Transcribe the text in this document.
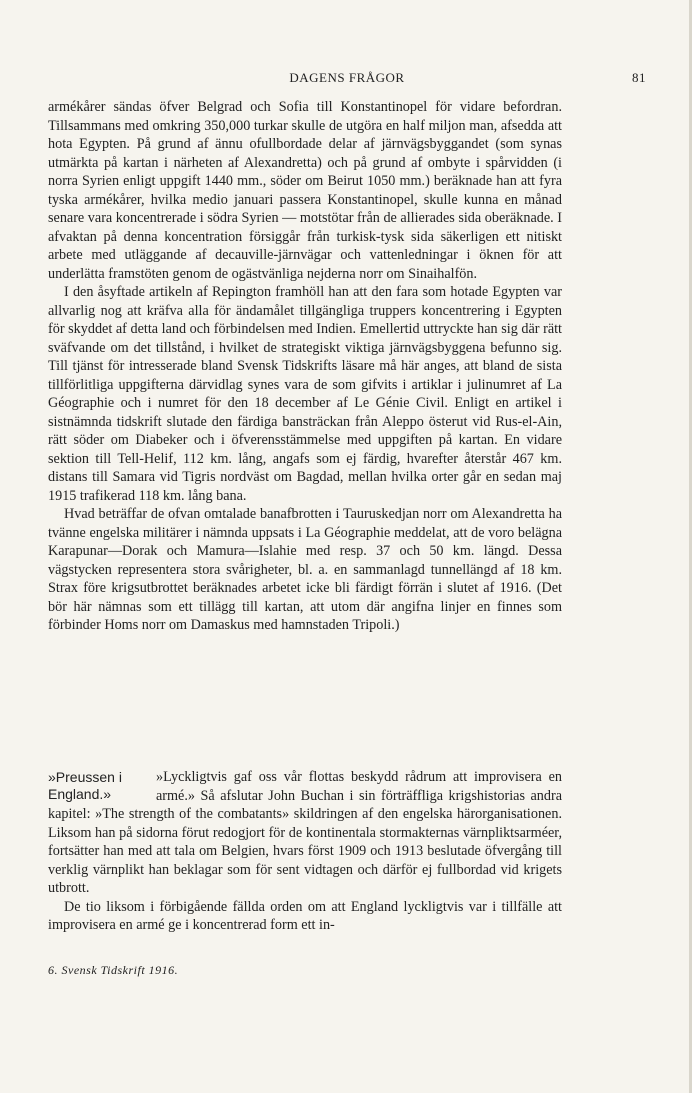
DAGENS FRÅGOR	81

armékårer sändas öfver Belgrad och Sofia till Konstantinopel för vidare befordran. Tillsammans med omkring 350,000 turkar skulle de utgöra en half miljon man, afsedda att hota Egypten. På grund af ännu ofullbordade delar af järnvägsbyggandet (som synas utmärkta på kartan i närheten af Alexandretta) och på grund af ombyte i spårvidden (i norra Syrien enligt uppgift 1440 mm., söder om Beirut 1050 mm.) beräknade han att fyra tyska armékårer, hvilka medio januari passera Konstantinopel, skulle kunna en månad senare vara koncentrerade i södra Syrien — motstötar från de allierades sida oberäknade. I afvaktan på denna koncentration försiggår från turkisk-tysk sida säkerligen ett nitiskt arbete med utläggande af decauville-järnvägar och vattenledningar i öknen för att underlätta framstöten genom de ogästvänliga nejderna norr om Sinaihalfön.

I den åsyftade artikeln af Repington framhöll han att den fara som hotade Egypten var allvarlig nog att kräfva alla för ändamålet tillgängliga truppers koncentrering i Egypten för skyddet af detta land och förbindelsen med Indien. Emellertid uttryckte han sig där rätt sväfvande om det tillstånd, i hvilket de strategiskt viktiga järnvägsbyggena befunno sig. Till tjänst för intresserade bland Svensk Tidskrifts läsare må här anges, att bland de sista tillförlitliga uppgifterna därvidlag synes vara de som gifvits i artiklar i julinumret af La Géographie och i numret för den 18 december af Le Génie Civil. Enligt en artikel i sistnämnda tidskrift slutade den färdiga bansträckan från Aleppo österut vid Rus-el-Ain, rätt söder om Diabeker och i öfverensstämmelse med uppgiften på kartan. En vidare sektion till Tell-Helif, 112 km. lång, angafs som ej färdig, hvarefter återstår 467 km. distans till Samara vid Tigris nordväst om Bagdad, mellan hvilka orter går en sedan maj 1915 trafikerad 118 km. lång bana.

Hvad beträffar de ofvan omtalade banafbrotten i Tauruskedjan norr om Alexandretta ha tvänne engelska militärer i nämnda uppsats i La Géographie meddelat, att de voro belägna Karapunar—Dorak och Mamura—Islahie med resp. 37 och 50 km. längd. Dessa vägstycken representera stora svårigheter, bl. a. en sammanlagd tunnellängd af 18 km. Strax före krigsutbrottet beräknades arbetet icke bli färdigt förrän i slutet af 1916. (Det bör här nämnas som ett tillägg till kartan, att utom där angifna linjer en finnes som förbinder Homs norr om Damaskus med hamnstaden Tripoli.)

»Preussen i England.»

»Lyckligtvis gaf oss vår flottas beskydd rådrum att improvisera en armé.» Så afslutar John Buchan i sin förträffliga krigshistorias andra kapitel: »The strength of the combatants» skildringen af den engelska härorganisationen. Liksom han på sidorna förut redogjort för de kontinentala stormakternas värnpliktsarméer, fortsätter han med att tala om Belgien, hvars först 1909 och 1913 beslutade öfvergång till verklig värnplikt han beklagar som för sent vidtagen och därför ej fullbordad vid krigets utbrott.

De tio liksom i förbigående fällda orden om att England lyckligtvis var i tillfälle att improvisera en armé ge i koncentrerad form ett in-

6. Svensk Tidskrift 1916.
